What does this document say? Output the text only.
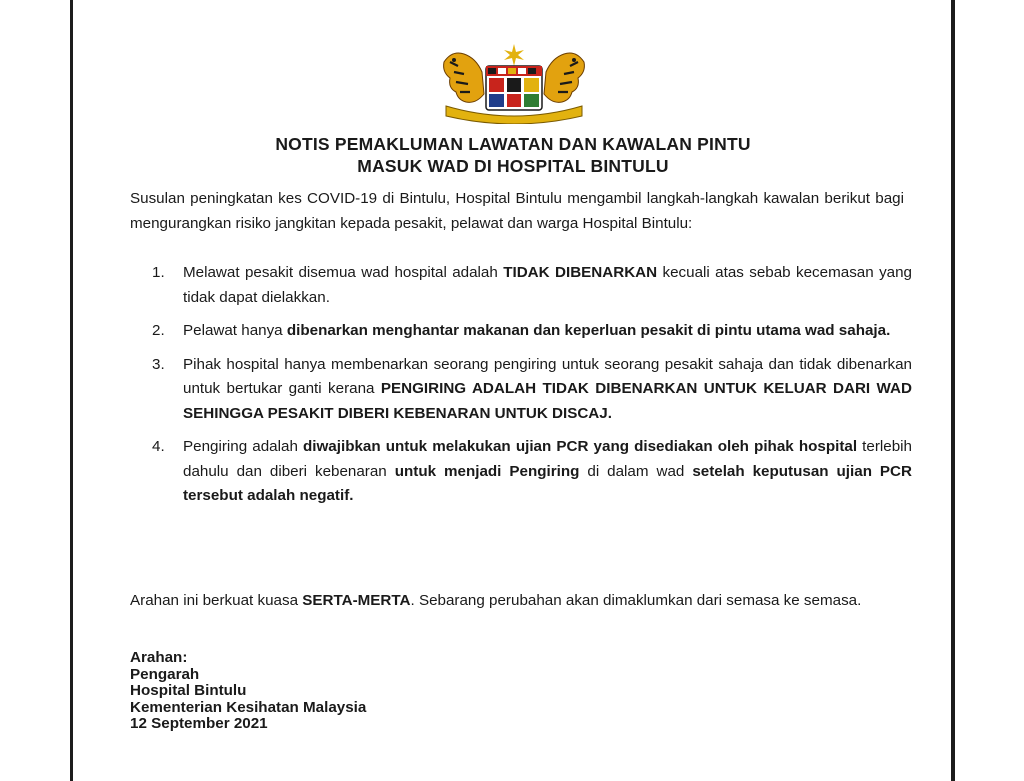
NOTIS PEMAKLUMAN LAWATAN DAN KAWALAN PINTU
MASUK WAD DI HOSPITAL BINTULU
Susulan peningkatan kes COVID-19 di Bintulu, Hospital Bintulu mengambil langkah-langkah kawalan berikut bagi mengurangkan risiko jangkitan kepada pesakit, pelawat dan warga Hospital Bintulu:
1. Melawat pesakit disemua wad hospital adalah TIDAK DIBENARKAN kecuali atas sebab kecemasan yang tidak dapat dielakkan.
2. Pelawat hanya dibenarkan menghantar makanan dan keperluan pesakit di pintu utama wad sahaja.
3. Pihak hospital hanya membenarkan seorang pengiring untuk seorang pesakit sahaja dan tidak dibenarkan untuk bertukar ganti kerana PENGIRING ADALAH TIDAK DIBENARKAN UNTUK KELUAR DARI WAD SEHINGGA PESAKIT DIBERI KEBENARAN UNTUK DISCAJ.
4. Pengiring adalah diwajibkan untuk melakukan ujian PCR yang disediakan oleh pihak hospital terlebih dahulu dan diberi kebenaran untuk menjadi Pengiring di dalam wad setelah keputusan ujian PCR tersebut adalah negatif.
Arahan ini berkuat kuasa SERTA-MERTA. Sebarang perubahan akan dimaklumkan dari semasa ke semasa.
Arahan:
Pengarah
Hospital Bintulu
Kementerian Kesihatan Malaysia
12 September 2021
